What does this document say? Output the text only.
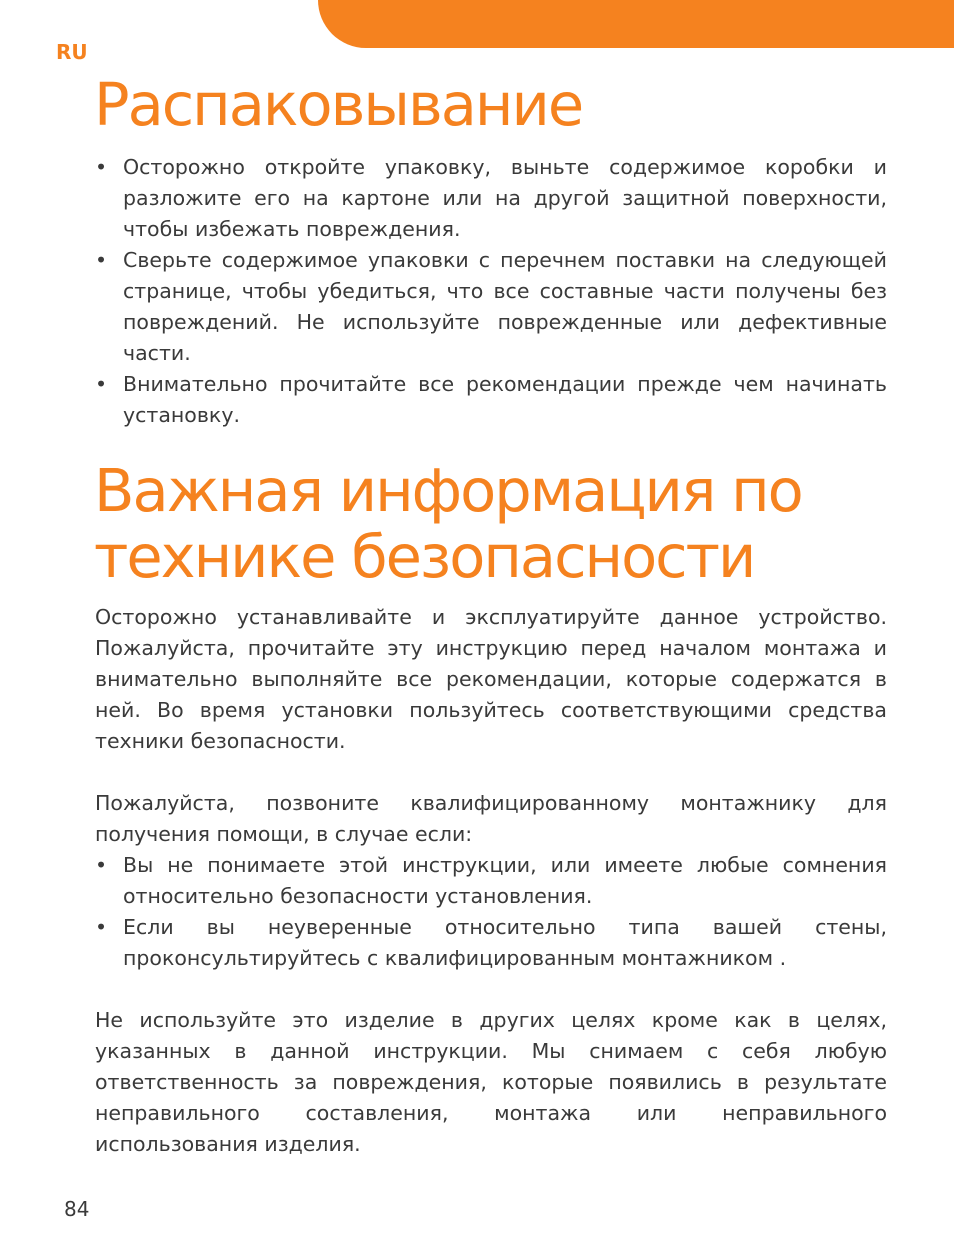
RU
Распаковывание
• Осторожно откройте упаковку, выньте содержимое коробки и разложите его на картоне или на другой защитной поверхности, чтобы избежать повреждения.
• Сверьте содержимое упаковки с перечнем поставки на следующей странице, чтобы убедиться, что все составные части получены без повреждений. Не используйте поврежденные или дефективные части.
• Внимательно прочитайте все рекомендации прежде чем начинать установку.
Важная информация по
технике безопасности

Осторожно устанавливайте и эксплуатируйте данное устройство. Пожалуйста, прочитайте эту инструкцию перед началом монтажа и внимательно выполняйте все рекомендации, которые содержатся в ней. Во время установки пользуйтесь соответствующими средства техники безопасности.

Пожалуйста, позвоните квалифицированному монтажнику для получения помощи, в случае если:

• Вы не понимаете этой инструкции, или имеете любые сомнения относительно безопасности установления.
• Если вы неуверенные относительно типа вашей стены, проконсультируйтесь с квалифицированным монтажником .

Не используйте это изделие в других целях кроме как в целях, указанных в данной инструкции. Мы снимаем с себя любую ответственность за повреждения, которые появились в результате неправильного составления, монтажа или неправильного использования изделия.

84
